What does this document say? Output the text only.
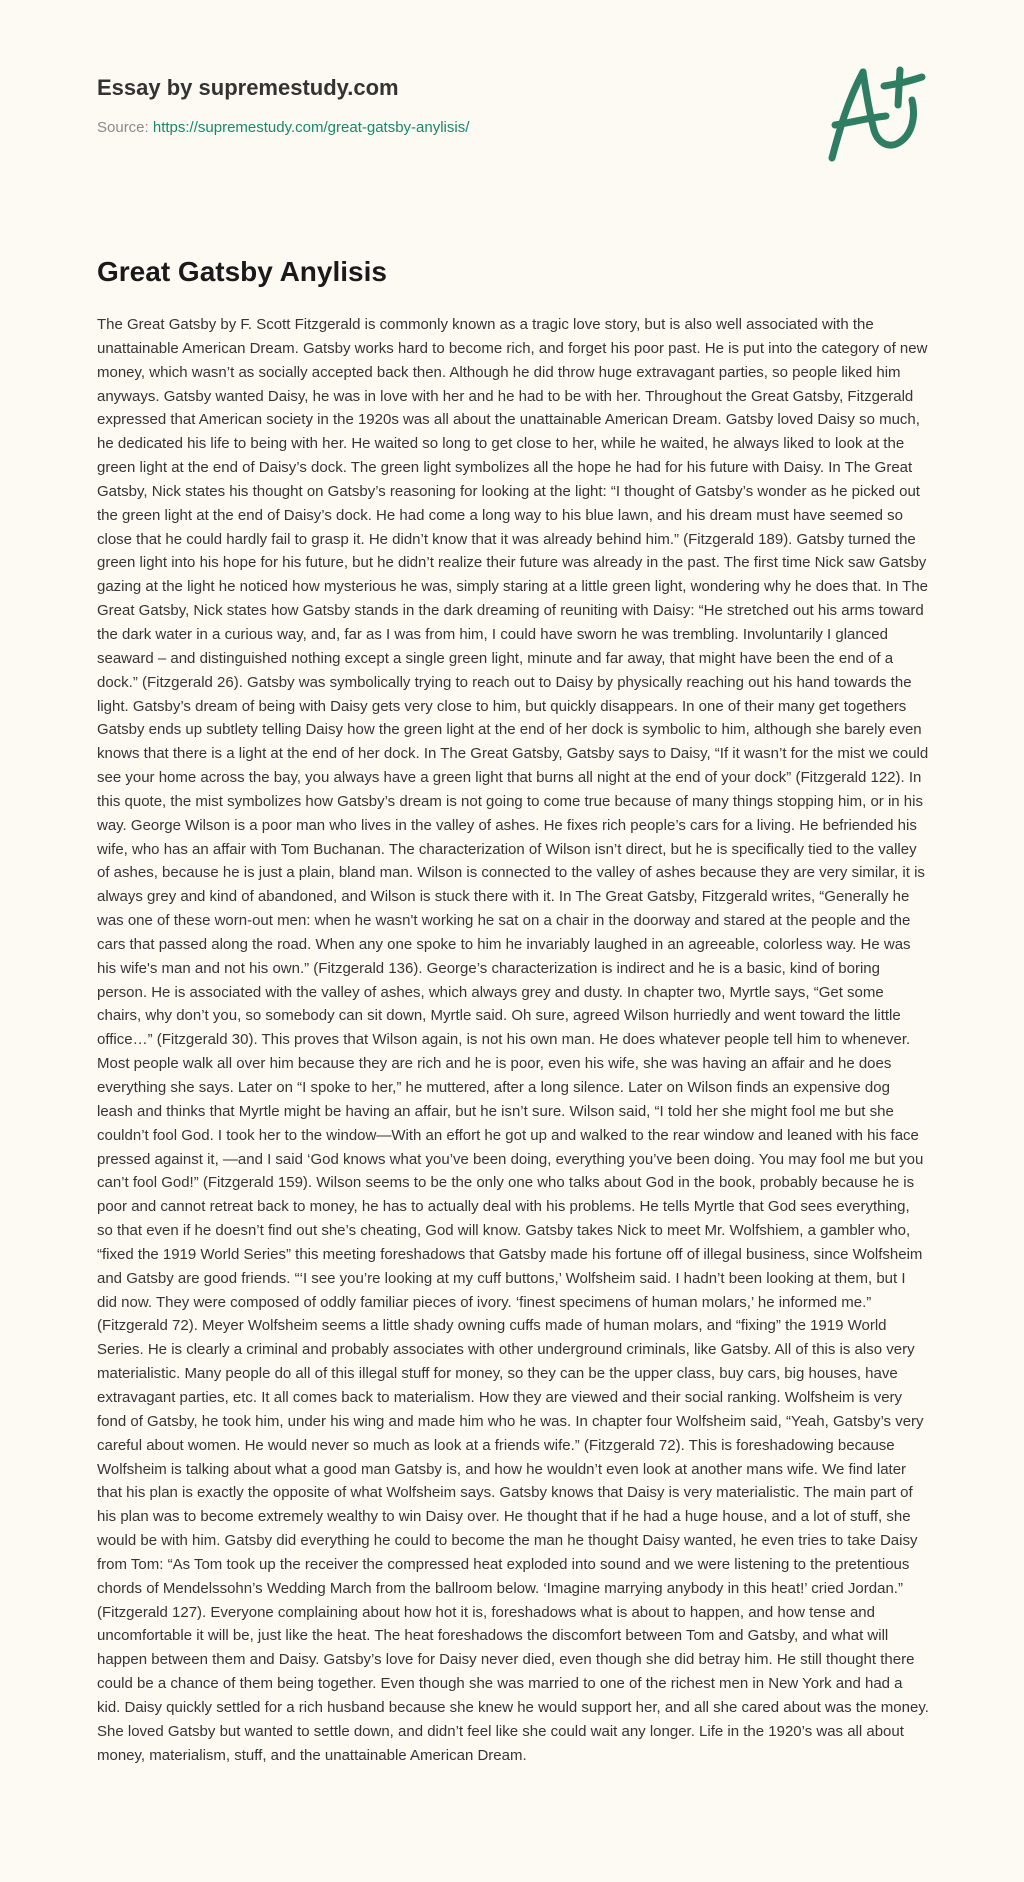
Essay by supremestudy.com
Source: https://supremestudy.com/great-gatsby-anylisis/
Great Gatsby Anylisis

The Great Gatsby by F. Scott Fitzgerald is commonly known as a tragic love story, but is also well associated with the unattainable American Dream. Gatsby works hard to become rich, and forget his poor past. He is put into the category of new money, which wasn’t as socially accepted back then. Although he did throw huge extravagant parties, so people liked him anyways. Gatsby wanted Daisy, he was in love with her and he had to be with her. Throughout the Great Gatsby, Fitzgerald expressed that American society in the 1920s was all about the unattainable American Dream. Gatsby loved Daisy so much, he dedicated his life to being with her. He waited so long to get close to her, while he waited, he always liked to look at the green light at the end of Daisy’s dock. The green light symbolizes all the hope he had for his future with Daisy. In The Great Gatsby, Nick states his thought on Gatsby’s reasoning for looking at the light: “I thought of Gatsby’s wonder as he picked out the green light at the end of Daisy’s dock. He had come a long way to his blue lawn, and his dream must have seemed so close that he could hardly fail to grasp it. He didn’t know that it was already behind him.” (Fitzgerald 189). Gatsby turned the green light into his hope for his future, but he didn’t realize their future was already in the past. The first time Nick saw Gatsby gazing at the light he noticed how mysterious he was, simply staring at a little green light, wondering why he does that. In The Great Gatsby, Nick states how Gatsby stands in the dark dreaming of reuniting with Daisy: “He stretched out his arms toward the dark water in a curious way, and, far as I was from him, I could have sworn he was trembling. Involuntarily I glanced seaward – and distinguished nothing except a single green light, minute and far away, that might have been the end of a dock.” (Fitzgerald 26). Gatsby was symbolically trying to reach out to Daisy by physically reaching out his hand towards the light. Gatsby’s dream of being with Daisy gets very close to him, but quickly disappears. In one of their many get togethers Gatsby ends up subtlety telling Daisy how the green light at the end of her dock is symbolic to him, although she barely even knows that there is a light at the end of her dock. In The Great Gatsby, Gatsby says to Daisy, “If it wasn’t for the mist we could see your home across the bay, you always have a green light that burns all night at the end of your dock” (Fitzgerald 122). In this quote, the mist symbolizes how Gatsby’s dream is not going to come true because of many things stopping him, or in his way. George Wilson is a poor man who lives in the valley of ashes. He fixes rich people’s cars for a living. He befriended his wife, who has an affair with Tom Buchanan. The characterization of Wilson isn’t direct, but he is specifically tied to the valley of ashes, because he is just a plain, bland man. Wilson is connected to the valley of ashes because they are very similar, it is always grey and kind of abandoned, and Wilson is stuck there with it. In The Great Gatsby, Fitzgerald writes, “Generally he was one of these worn-out men: when he wasn't working he sat on a chair in the doorway and stared at the people and the cars that passed along the road. When any one spoke to him he invariably laughed in an agreeable, colorless way. He was his wife's man and not his own.” (Fitzgerald 136). George’s characterization is indirect and he is a basic, kind of boring person. He is associated with the valley of ashes, which always grey and dusty. In chapter two, Myrtle says, “Get some chairs, why don’t you, so somebody can sit down, Myrtle said. Oh sure, agreed Wilson hurriedly and went toward the little office…” (Fitzgerald 30). This proves that Wilson again, is not his own man. He does whatever people tell him to whenever. Most people walk all over him because they are rich and he is poor, even his wife, she was having an affair and he does everything she says. Later on “I spoke to her,” he muttered, after a long silence. Later on Wilson finds an expensive dog leash and thinks that Myrtle might be having an affair, but he isn’t sure. Wilson said, “I told her she might fool me but she couldn’t fool God. I took her to the window—With an effort he got up and walked to the rear window and leaned with his face pressed against it, —and I said ‘God knows what you’ve been doing, everything you’ve been doing. You may fool me but you can’t fool God!” (Fitzgerald 159). Wilson seems to be the only one who talks about God in the book, probably because he is poor and cannot retreat back to money, he has to actually deal with his problems. He tells Myrtle that God sees everything, so that even if he doesn’t find out she’s cheating, God will know. Gatsby takes Nick to meet Mr. Wolfshiem, a gambler who, “fixed the 1919 World Series” this meeting foreshadows that Gatsby made his fortune off of illegal business, since Wolfsheim and Gatsby are good friends. “‘I see you’re looking at my cuff buttons,’ Wolfsheim said. I hadn’t been looking at them, but I did now. They were composed of oddly familiar pieces of ivory. ‘finest specimens of human molars,’ he informed me.” (Fitzgerald 72). Meyer Wolfsheim seems a little shady owning cuffs made of human molars, and “fixing” the 1919 World Series. He is clearly a criminal and probably associates with other underground criminals, like Gatsby. All of this is also very materialistic. Many people do all of this illegal stuff for money, so they can be the upper class, buy cars, big houses, have extravagant parties, etc. It all comes back to materialism. How they are viewed and their social ranking. Wolfsheim is very fond of Gatsby, he took him, under his wing and made him who he was. In chapter four Wolfsheim said, “Yeah, Gatsby’s very careful about women. He would never so much as look at a friends wife.” (Fitzgerald 72). This is foreshadowing because Wolfsheim is talking about what a good man Gatsby is, and how he wouldn’t even look at another mans wife. We find later that his plan is exactly the opposite of what Wolfsheim says. Gatsby knows that Daisy is very materialistic. The main part of his plan was to become extremely wealthy to win Daisy over. He thought that if he had a huge house, and a lot of stuff, she would be with him. Gatsby did everything he could to become the man he thought Daisy wanted, he even tries to take Daisy from Tom: “As Tom took up the receiver the compressed heat exploded into sound and we were listening to the pretentious chords of Mendelssohn’s Wedding March from the ballroom below. ‘Imagine marrying anybody in this heat!’ cried Jordan.” (Fitzgerald 127). Everyone complaining about how hot it is, foreshadows what is about to happen, and how tense and uncomfortable it will be, just like the heat. The heat foreshadows the discomfort between Tom and Gatsby, and what will happen between them and Daisy. Gatsby’s love for Daisy never died, even though she did betray him. He still thought there could be a chance of them being together. Even though she was married to one of the richest men in New York and had a kid. Daisy quickly settled for a rich husband because she knew he would support her, and all she cared about was the money. She loved Gatsby but wanted to settle down, and didn’t feel like she could wait any longer. Life in the 1920’s was all about money, materialism, stuff, and the unattainable American Dream.
